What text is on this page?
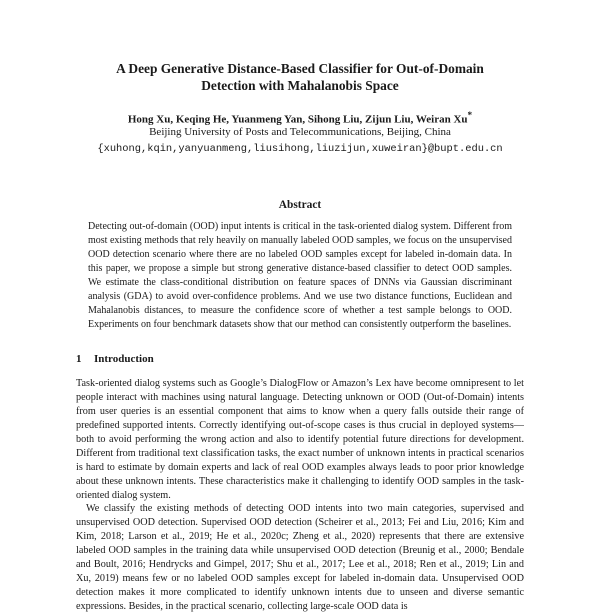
A Deep Generative Distance-Based Classifier for Out-of-Domain
Detection with Mahalanobis Space
Hong Xu, Keqing He, Yuanmeng Yan, Sihong Liu, Zijun Liu, Weiran Xu*
Beijing University of Posts and Telecommunications, Beijing, China
{xuhong,kqin,yanyuanmeng,liusihong,liuzijun,xuweiran}@bupt.edu.cn
Abstract
Detecting out-of-domain (OOD) input intents is critical in the task-oriented dialog system. Different from most existing methods that rely heavily on manually labeled OOD samples, we focus on the unsupervised OOD detection scenario where there are no labeled OOD samples except for labeled in-domain data. In this paper, we propose a simple but strong generative distance-based classifier to detect OOD samples. We estimate the class-conditional distribution on feature spaces of DNNs via Gaussian discriminant analysis (GDA) to avoid over-confidence problems. And we use two distance functions, Euclidean and Mahalanobis distances, to measure the confidence score of whether a test sample belongs to OOD. Experiments on four benchmark datasets show that our method can consistently outperform the baselines.
1 Introduction
Task-oriented dialog systems such as Google’s DialogFlow or Amazon’s Lex have become omnipresent to let people interact with machines using natural language. Detecting unknown or OOD (Out-of-Domain) intents from user queries is an essential component that aims to know when a query falls outside their range of predefined supported intents. Correctly identifying out-of-scope cases is thus crucial in deployed systems—both to avoid performing the wrong action and also to identify potential future directions for development. Different from traditional text classification tasks, the exact number of unknown intents in practical scenarios is hard to estimate by domain experts and lack of real OOD examples always leads to poor prior knowledge about these unknown intents. These characteristics make it challenging to identify OOD samples in the task-oriented dialog system.
We classify the existing methods of detecting OOD intents into two main categories, supervised and unsupervised OOD detection. Supervised OOD detection (Scheirer et al., 2013; Fei and Liu, 2016; Kim and Kim, 2018; Larson et al., 2019; He et al., 2020c; Zheng et al., 2020) represents that there are extensive labeled OOD samples in the training data while unsupervised OOD detection (Breunig et al., 2000; Bendale and Boult, 2016; Hendrycks and Gimpel, 2017; Shu et al., 2017; Lee et al., 2018; Ren et al., 2019; Lin and Xu, 2019) means few or no labeled OOD samples except for labeled in-domain data. Unsupervised OOD detection makes it more complicated to identify unknown intents due to unseen and diverse semantic expressions. Besides, in the practical scenario, collecting large-scale OOD data is
